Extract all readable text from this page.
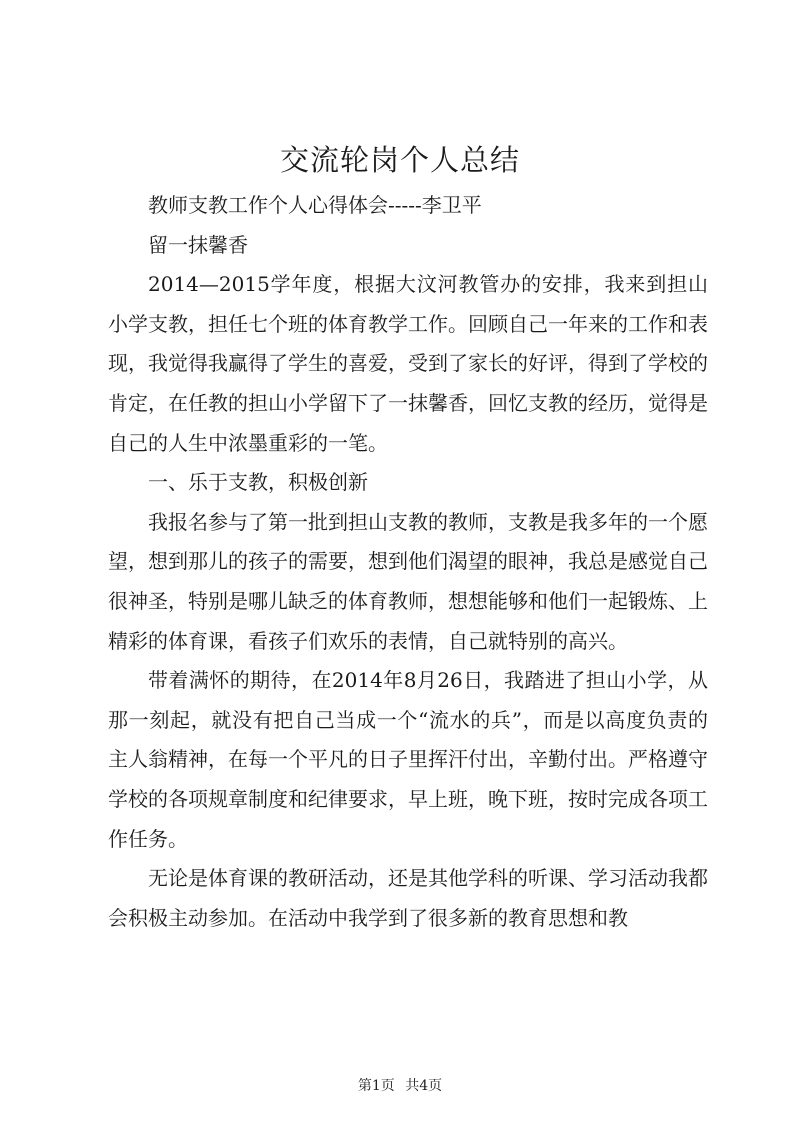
交流轮岗个人总结

教师支教工作个人心得体会-----李卫平

留一抹馨香

2014—2015学年度，根据大汶河教管办的安排，我来到担山小学支教，担任七个班的体育教学工作。回顾自己一年来的工作和表现，我觉得我赢得了学生的喜爱，受到了家长的好评，得到了学校的肯定，在任教的担山小学留下了一抹馨香，回忆支教的经历，觉得是自己的人生中浓墨重彩的一笔。

一、乐于支教，积极创新

我报名参与了第一批到担山支教的教师，支教是我多年的一个愿望，想到那儿的孩子的需要，想到他们渴望的眼神，我总是感觉自己很神圣，特别是哪儿缺乏的体育教师，想想能够和他们一起锻炼、上精彩的体育课，看孩子们欢乐的表情，自己就特别的高兴。

带着满怀的期待，在2014年8月26日，我踏进了担山小学，从那一刻起，就没有把自己当成一个“流水的兵”，而是以高度负责的主人翁精神，在每一个平凡的日子里挥汗付出，辛勤付出。严格遵守学校的各项规章制度和纪律要求，早上班，晚下班，按时完成各项工作任务。

无论是体育课的教研活动，还是其他学科的听课、学习活动我都会积极主动参加。在活动中我学到了很多新的教育思想和教

第1页 共4页
